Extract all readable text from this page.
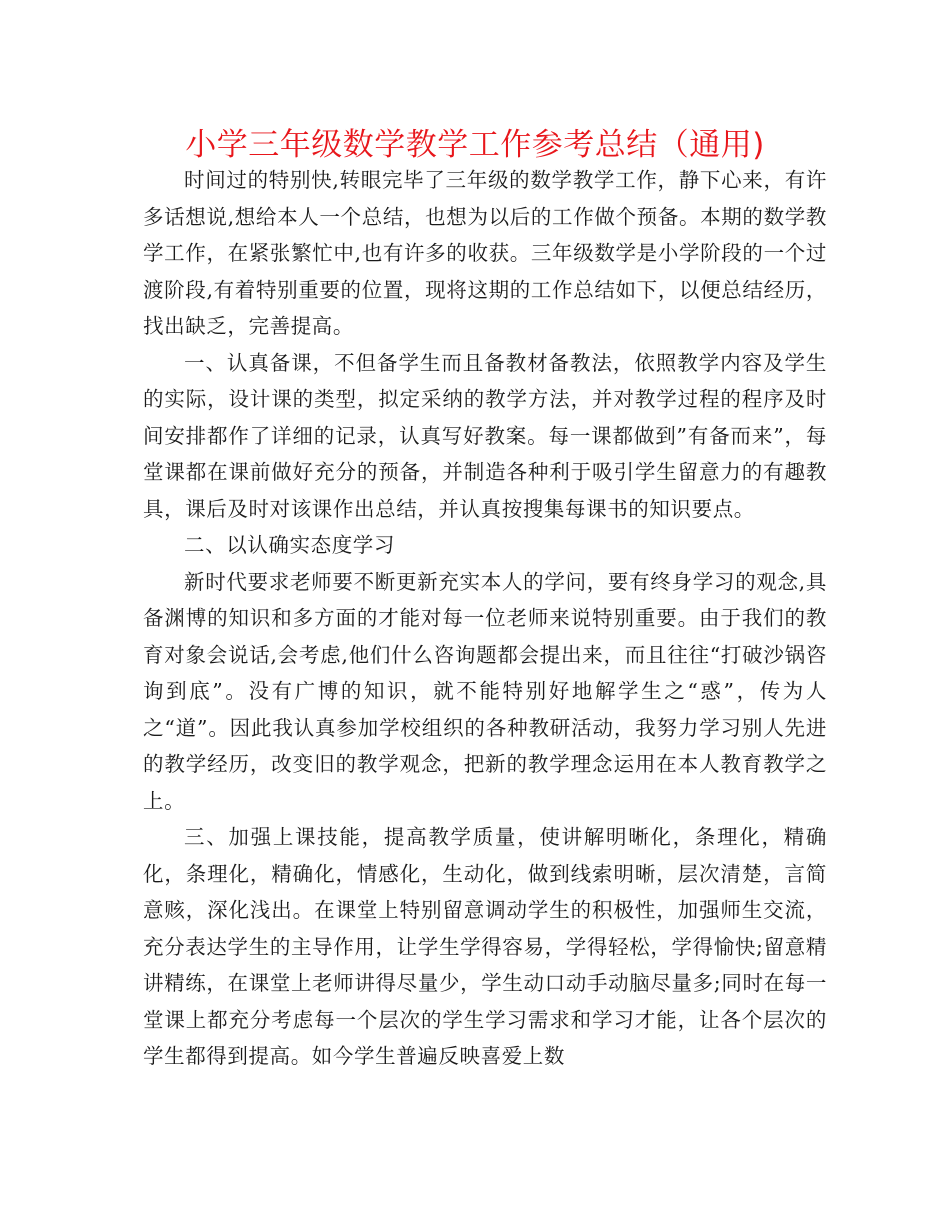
小学三年级数学教学工作参考总结（通用)

时间过的特别快,转眼完毕了三年级的数学教学工作，静下心来，有许多话想说,想给本人一个总结，也想为以后的工作做个预备。本期的数学教学工作，在紧张繁忙中,也有许多的收获。三年级数学是小学阶段的一个过渡阶段,有着特别重要的位置，现将这期的工作总结如下，以便总结经历，找出缺乏，完善提高。

一、认真备课，不但备学生而且备教材备教法，依照教学内容及学生的实际，设计课的类型，拟定采纳的教学方法，并对教学过程的程序及时间安排都作了详细的记录，认真写好教案。每一课都做到”有备而来”，每堂课都在课前做好充分的预备，并制造各种利于吸引学生留意力的有趣教具，课后及时对该课作出总结，并认真按搜集每课书的知识要点。

二、以认确实态度学习

新时代要求老师要不断更新充实本人的学问，要有终身学习的观念,具备渊博的知识和多方面的才能对每一位老师来说特别重要。由于我们的教育对象会说话,会考虑,他们什么咨询题都会提出来，而且往往“打破沙锅咨询到底”。没有广博的知识，就不能特别好地解学生之“惑”，传为人之“道”。因此我认真参加学校组织的各种教研活动，我努力学习别人先进的教学经历，改变旧的教学观念，把新的教学理念运用在本人教育教学之上。

三、加强上课技能，提高教学质量，使讲解明晰化，条理化，精确化，条理化，精确化，情感化，生动化，做到线索明晰，层次清楚，言简意赅，深化浅出。在课堂上特别留意调动学生的积极性，加强师生交流，充分表达学生的主导作用，让学生学得容易，学得轻松，学得愉快;留意精讲精练，在课堂上老师讲得尽量少，学生动口动手动脑尽量多;同时在每一堂课上都充分考虑每一个层次的学生学习需求和学习才能，让各个层次的学生都得到提高。如今学生普遍反映喜爱上数
